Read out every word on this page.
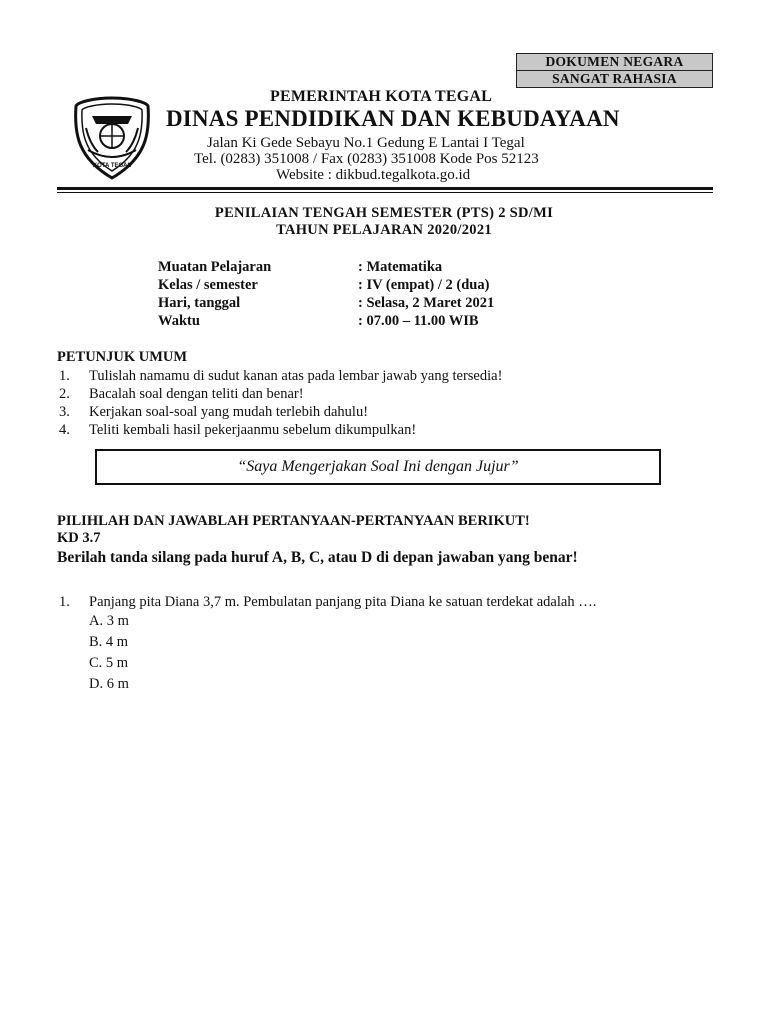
DOKUMEN NEGARA
SANGAT RAHASIA
KOTA TEGAL
PEMERINTAH KOTA TEGAL
DINAS PENDIDIKAN DAN KEBUDAYAAN
Jalan Ki Gede Sebayu No.1 Gedung E Lantai I Tegal
Tel. (0283) 351008 / Fax (0283) 351008 Kode Pos 52123
Website : dikbud.tegalkota.go.id
PENILAIAN TENGAH SEMESTER (PTS) 2 SD/MI
TAHUN PELAJARAN 2020/2021
Muatan Pelajaran	: Matematika
Kelas / semester	: IV (empat) / 2 (dua)
Hari, tanggal	: Selasa, 2 Maret 2021
Waktu	: 07.00 – 11.00 WIB
PETUNJUK UMUM
1. Tulislah namamu di sudut kanan atas pada lembar jawab yang tersedia!
2. Bacalah soal dengan teliti dan benar!
3. Kerjakan soal-soal yang mudah terlebih dahulu!
4. Teliti kembali hasil pekerjaanmu sebelum dikumpulkan!
“Saya Mengerjakan Soal Ini dengan Jujur”
PILIHLAH DAN JAWABLAH PERTANYAAN-PERTANYAAN BERIKUT!
KD 3.7
Berilah tanda silang pada huruf A, B, C, atau D di depan jawaban yang benar!
1. Panjang pita Diana 3,7 m. Pembulatan panjang pita Diana ke satuan terdekat adalah ….
A. 3 m
B. 4 m
C. 5 m
D. 6 m
